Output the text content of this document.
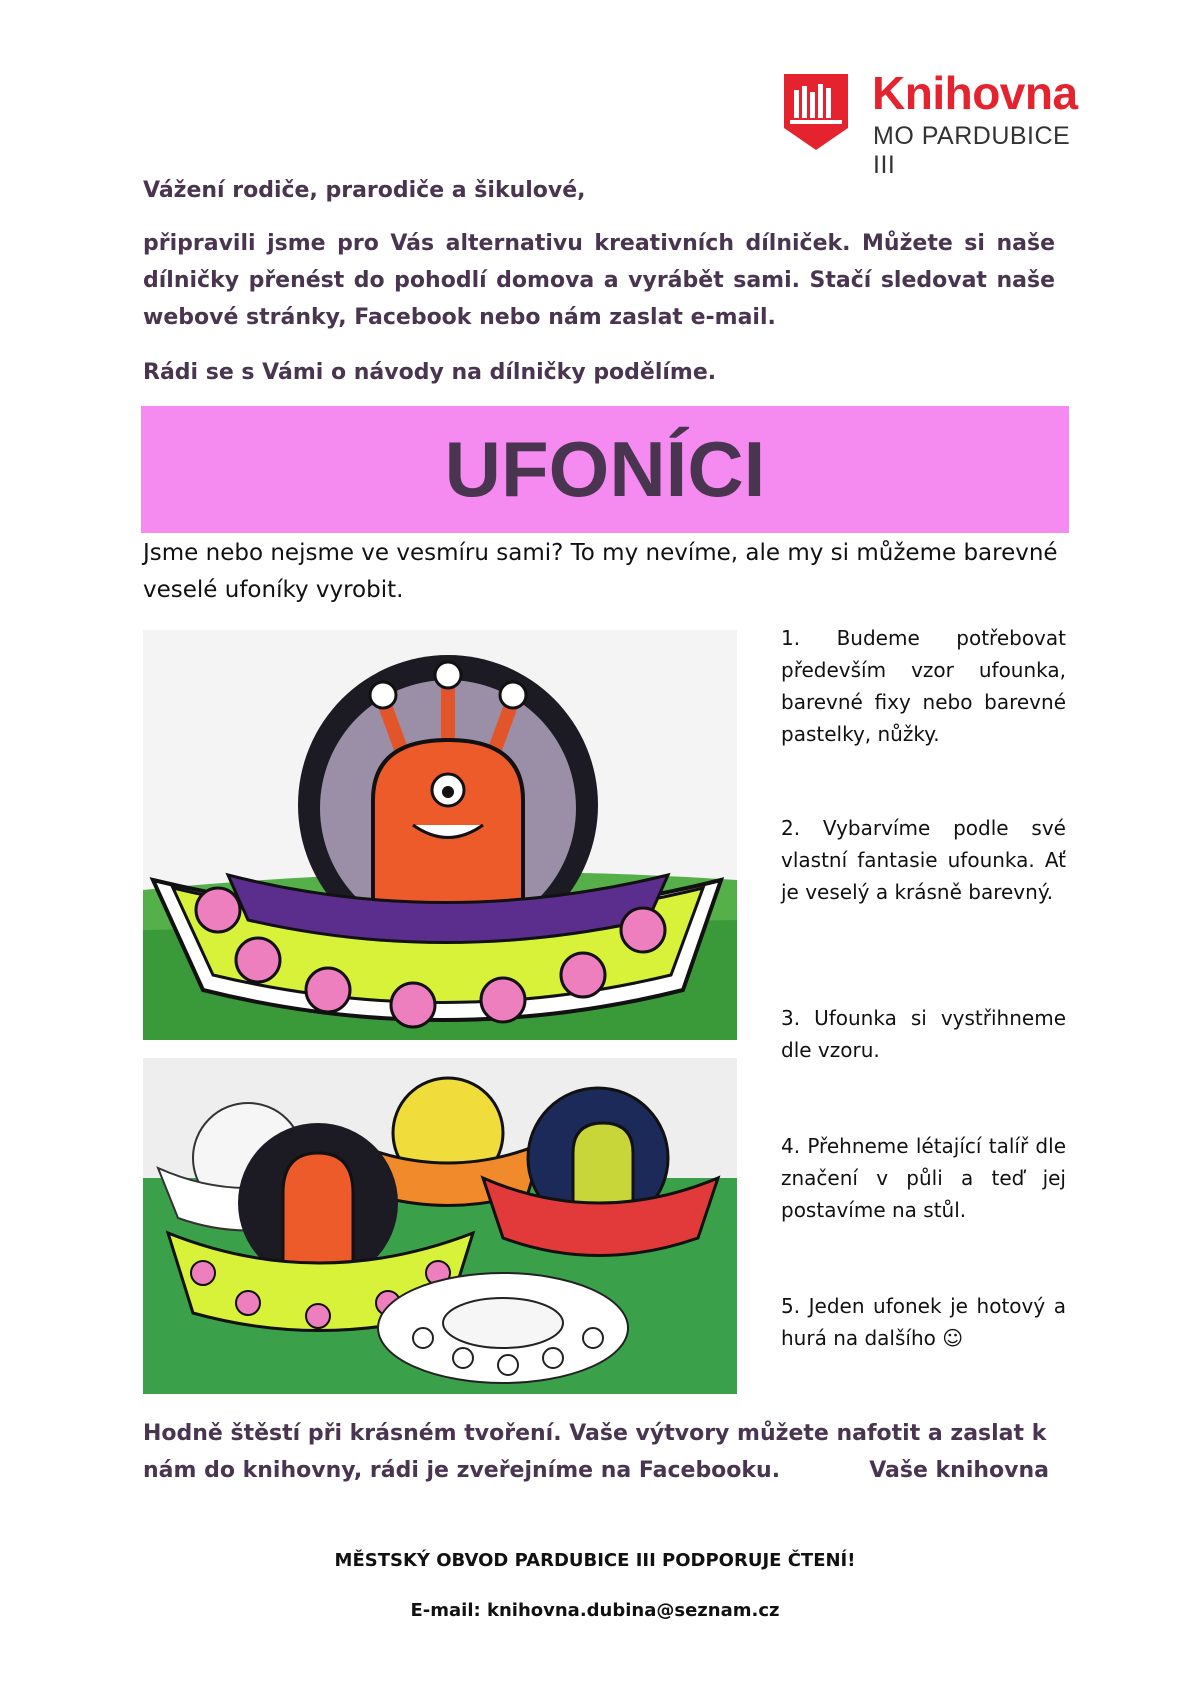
Knihovna
MO PARDUBICE III
Vážení rodiče, prarodiče a šikulové,
připravili jsme pro Vás alternativu kreativních dílniček. Můžete si naše dílničky přenést do pohodlí domova a vyrábět sami. Stačí sledovat naše webové stránky, Facebook nebo nám zaslat e-mail.
Rádi se s Vámi o návody na dílničky podělíme.
UFONÍCI
Jsme nebo nejsme ve vesmíru sami? To my nevíme, ale my si můžeme barevné veselé ufoníky vyrobit.
1. Budeme potřebovat především vzor ufounka, barevné fixy nebo barevné pastelky, nůžky.
2. Vybarvíme podle své vlastní fantasie ufounka. Ať je veselý a krásně barevný.
3. Ufounka si vystřihneme dle vzoru.
4. Přehneme létající talíř dle značení v půli a teď jej postavíme na stůl.
5. Jeden ufonek je hotový a hurá na dalšího ☺
Hodně štěstí při krásném tvoření. Vaše výtvory můžete nafotit a zaslat k nám do knihovny, rádi je zveřejníme na Facebooku.	Vaše knihovna
MĚSTSKÝ OBVOD PARDUBICE III PODPORUJE ČTENÍ!
E-mail: knihovna.dubina@seznam.cz
